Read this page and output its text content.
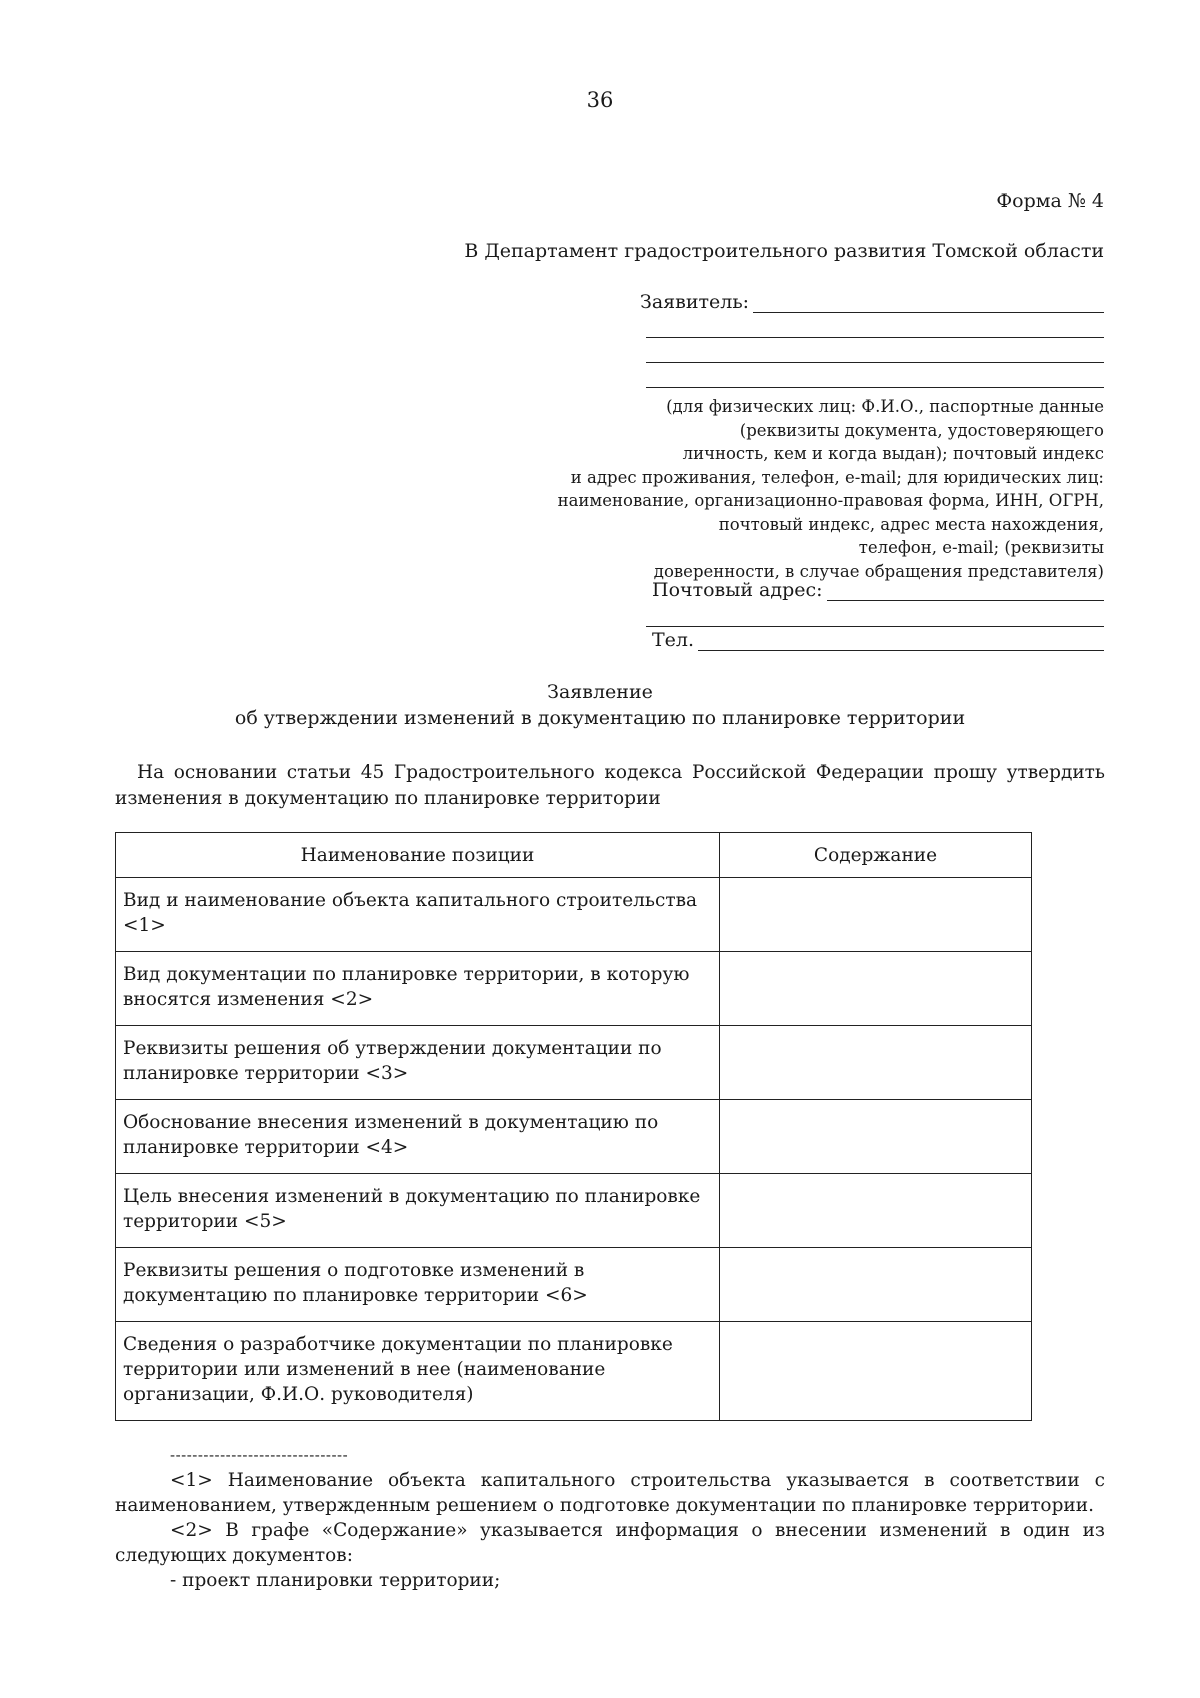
36
Форма № 4
В Департамент градостроительного развития Томской области
Заявитель:
(для физических лиц: Ф.И.О., паспортные данные
(реквизиты документа, удостоверяющего
личность, кем и когда выдан); почтовый индекс
и адрес проживания, телефон, e-mail; для юридических лиц:
наименование, организационно-правовая форма, ИНН, ОГРН,
почтовый индекс, адрес места нахождения,
телефон, e-mail; (реквизиты
доверенности, в случае обращения представителя)
Почтовый адрес:
Тел.
Заявление
об утверждении изменений в документацию по планировке территории
На основании статьи 45 Градостроительного кодекса Российской Федерации прошу утвердить изменения в документацию по планировке территории
Наименование позиции	Содержание
Вид и наименование объекта капитального строительства <1>	
Вид документации по планировке территории, в которую вносятся изменения <2>	
Реквизиты решения об утверждении документации по планировке территории <3>	
Обоснование внесения изменений в документацию по планировке территории <4>	
Цель внесения изменений в документацию по планировке территории <5>	
Реквизиты решения о подготовке изменений в документацию по планировке территории <6>	
Сведения о разработчике документации по планировке территории или изменений в нее (наименование организации, Ф.И.О. руководителя)	
--------------------------------

<1> Наименование объекта капитального строительства указывается в соответствии с наименованием, утвержденным решением о подготовке документации по планировке территории.

<2> В графе «Содержание» указывается информация о внесении изменений в один из следующих документов:

- проект планировки территории;
